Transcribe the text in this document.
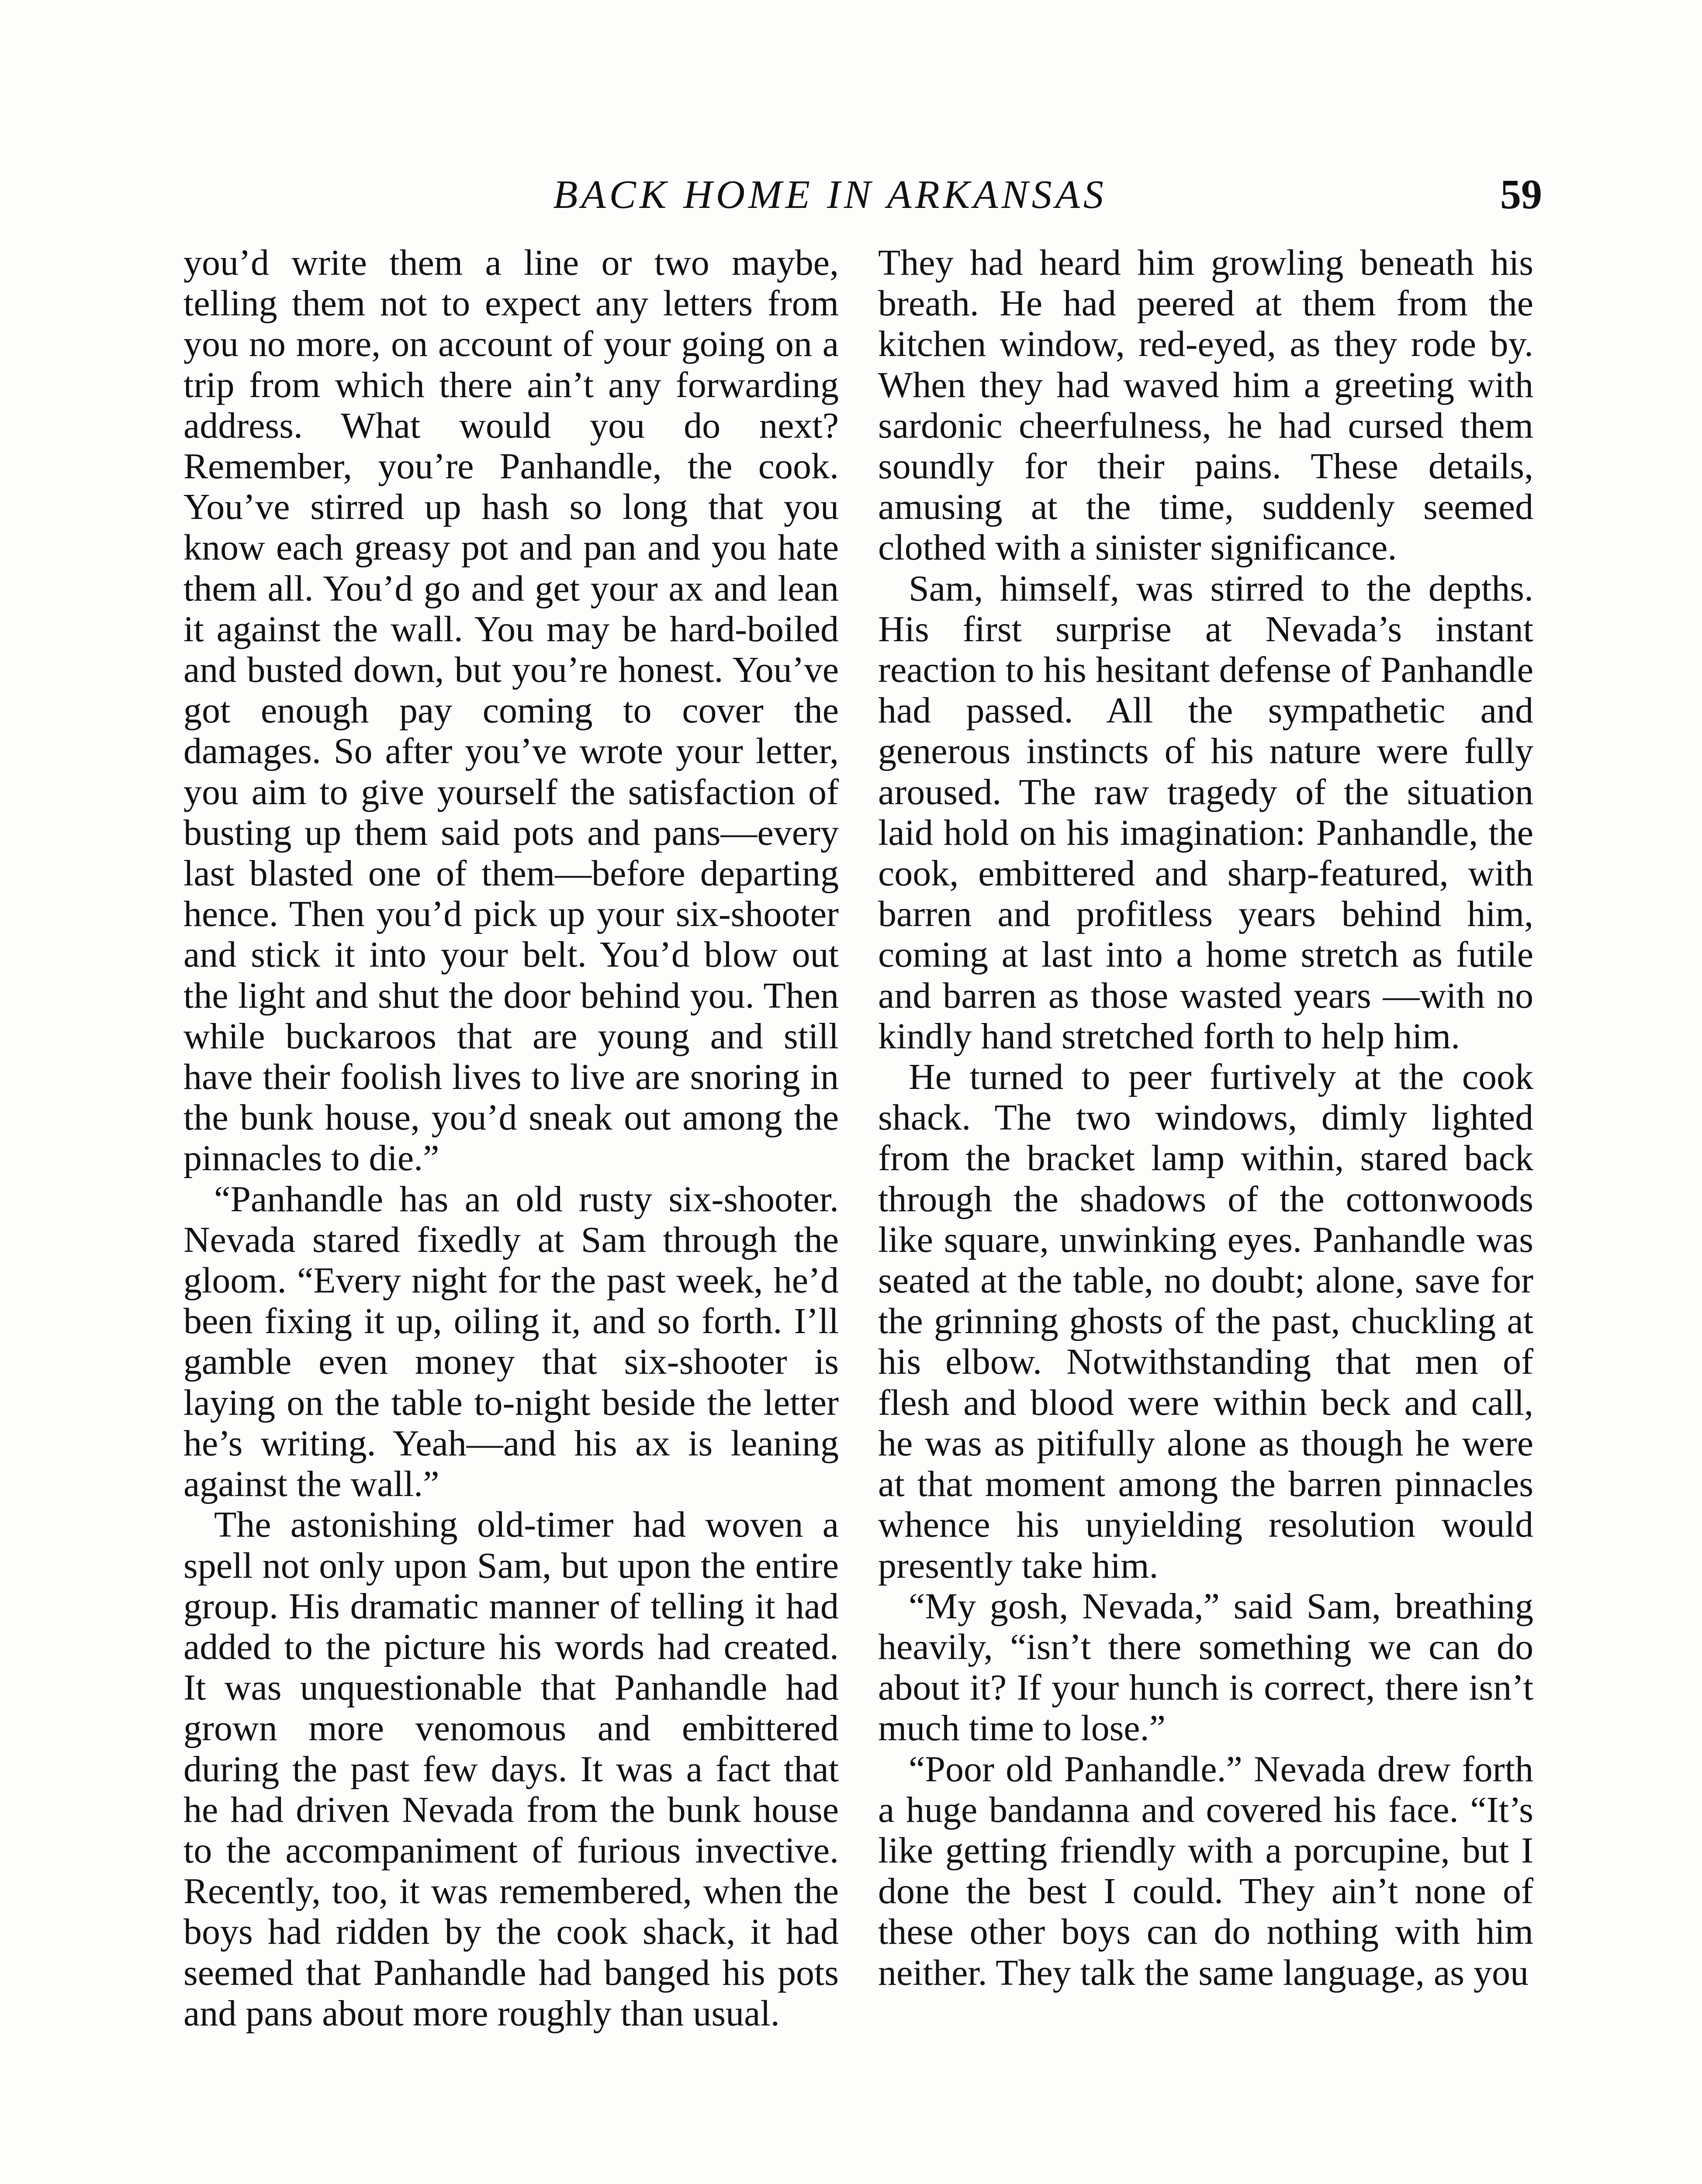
BACK HOME IN ARKANSAS	59

you’d write them a line or two maybe, telling them not to expect any letters from you no more, on account of your going on a trip from which there ain’t any forwarding address. What would you do next? Remember, you’re Panhandle, the cook. You’ve stirred up hash so long that you know each greasy pot and pan and you hate them all. You’d go and get your ax and lean it against the wall. You may be hard-boiled and busted down, but you’re honest. You’ve got enough pay coming to cover the damages. So after you’ve wrote your letter, you aim to give yourself the satisfaction of busting up them said pots and pans—every last blasted one of them—before departing hence. Then you’d pick up your six-shooter and stick it into your belt. You’d blow out the light and shut the door behind you. Then while buckaroos that are young and still have their foolish lives to live are snoring in the bunk house, you’d sneak out among the pinnacles to die.”

“Panhandle has an old rusty six-shooter. Nevada stared fixedly at Sam through the gloom. “Every night for the past week, he’d been fixing it up, oiling it, and so forth. I’ll gamble even money that six-shooter is laying on the table to-night beside the letter he’s writing. Yeah—and his ax is leaning against the wall.”

The astonishing old-timer had woven a spell not only upon Sam, but upon the entire group. His dramatic manner of telling it had added to the picture his words had created. It was unquestionable that Panhandle had grown more venomous and embittered during the past few days. It was a fact that he had driven Nevada from the bunk house to the accompaniment of furious invective. Recently, too, it was remembered, when the boys had ridden by the cook shack, it had seemed that Panhandle had banged his pots and pans about more roughly than usual.

They had heard him growling beneath his breath. He had peered at them from the kitchen window, red-eyed, as they rode by. When they had waved him a greeting with sardonic cheerfulness, he had cursed them soundly for their pains. These details, amusing at the time, suddenly seemed clothed with a sinister significance.

Sam, himself, was stirred to the depths. His first surprise at Nevada’s instant reaction to his hesitant defense of Panhandle had passed. All the sympathetic and generous instincts of his nature were fully aroused. The raw tragedy of the situation laid hold on his imagination: Panhandle, the cook, embittered and sharp-featured, with barren and profitless years behind him, coming at last into a home stretch as futile and barren as those wasted years —with no kindly hand stretched forth to help him.

He turned to peer furtively at the cook shack. The two windows, dimly lighted from the bracket lamp within, stared back through the shadows of the cottonwoods like square, unwinking eyes. Panhandle was seated at the table, no doubt; alone, save for the grinning ghosts of the past, chuckling at his elbow. Notwithstanding that men of flesh and blood were within beck and call, he was as pitifully alone as though he were at that moment among the barren pinnacles whence his unyielding resolution would presently take him.

“My gosh, Nevada,” said Sam, breathing heavily, “isn’t there something we can do about it? If your hunch is correct, there isn’t much time to lose.”

“Poor old Panhandle.” Nevada drew forth a huge bandanna and covered his face. “It’s like getting friendly with a porcupine, but I done the best I could. They ain’t none of these other boys can do nothing with him neither. They talk the same language, as you
